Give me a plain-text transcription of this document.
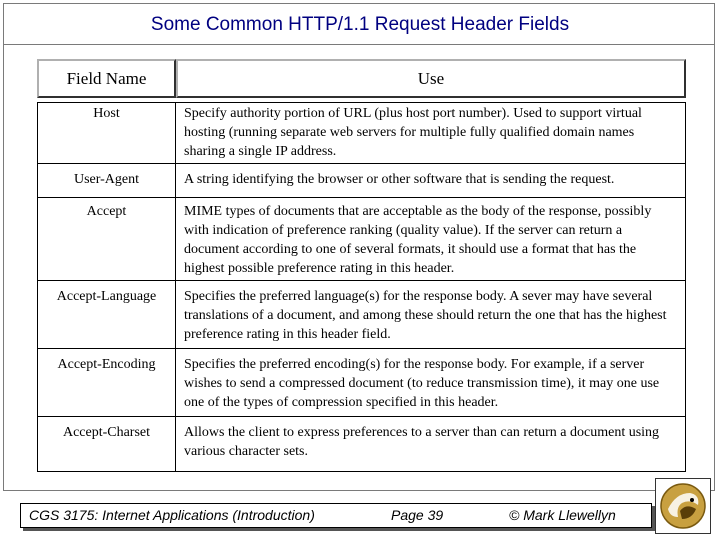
Some Common HTTP/1.1 Request Header Fields
Field Name	Use

Host	Specify authority portion of URL (plus host port number). Used to support virtual hosting (running separate web servers for multiple fully qualified domain names sharing a single IP address.
User-Agent	A string identifying the browser or other software that is sending the request.
Accept	MIME types of documents that are acceptable as the body of the response, possibly with indication of preference ranking (quality value). If the server can return a document according to one of several formats, it should use a format that has the highest possible preference rating in this header.
Accept-Language	Specifies the preferred language(s) for the response body. A sever may have several translations of a document, and among these should return the one that has the highest preference rating in this header field.
Accept-Encoding	Specifies the preferred encoding(s) for the response body. For example, if a server wishes to send a compressed document (to reduce transmission time), it may one use one of the types of compression specified in this header.
Accept-Charset	Allows the client to express preferences to a server than can return a document using various character sets.
CGS 3175: Internet Applications (Introduction)	Page 39	© Mark Llewellyn
